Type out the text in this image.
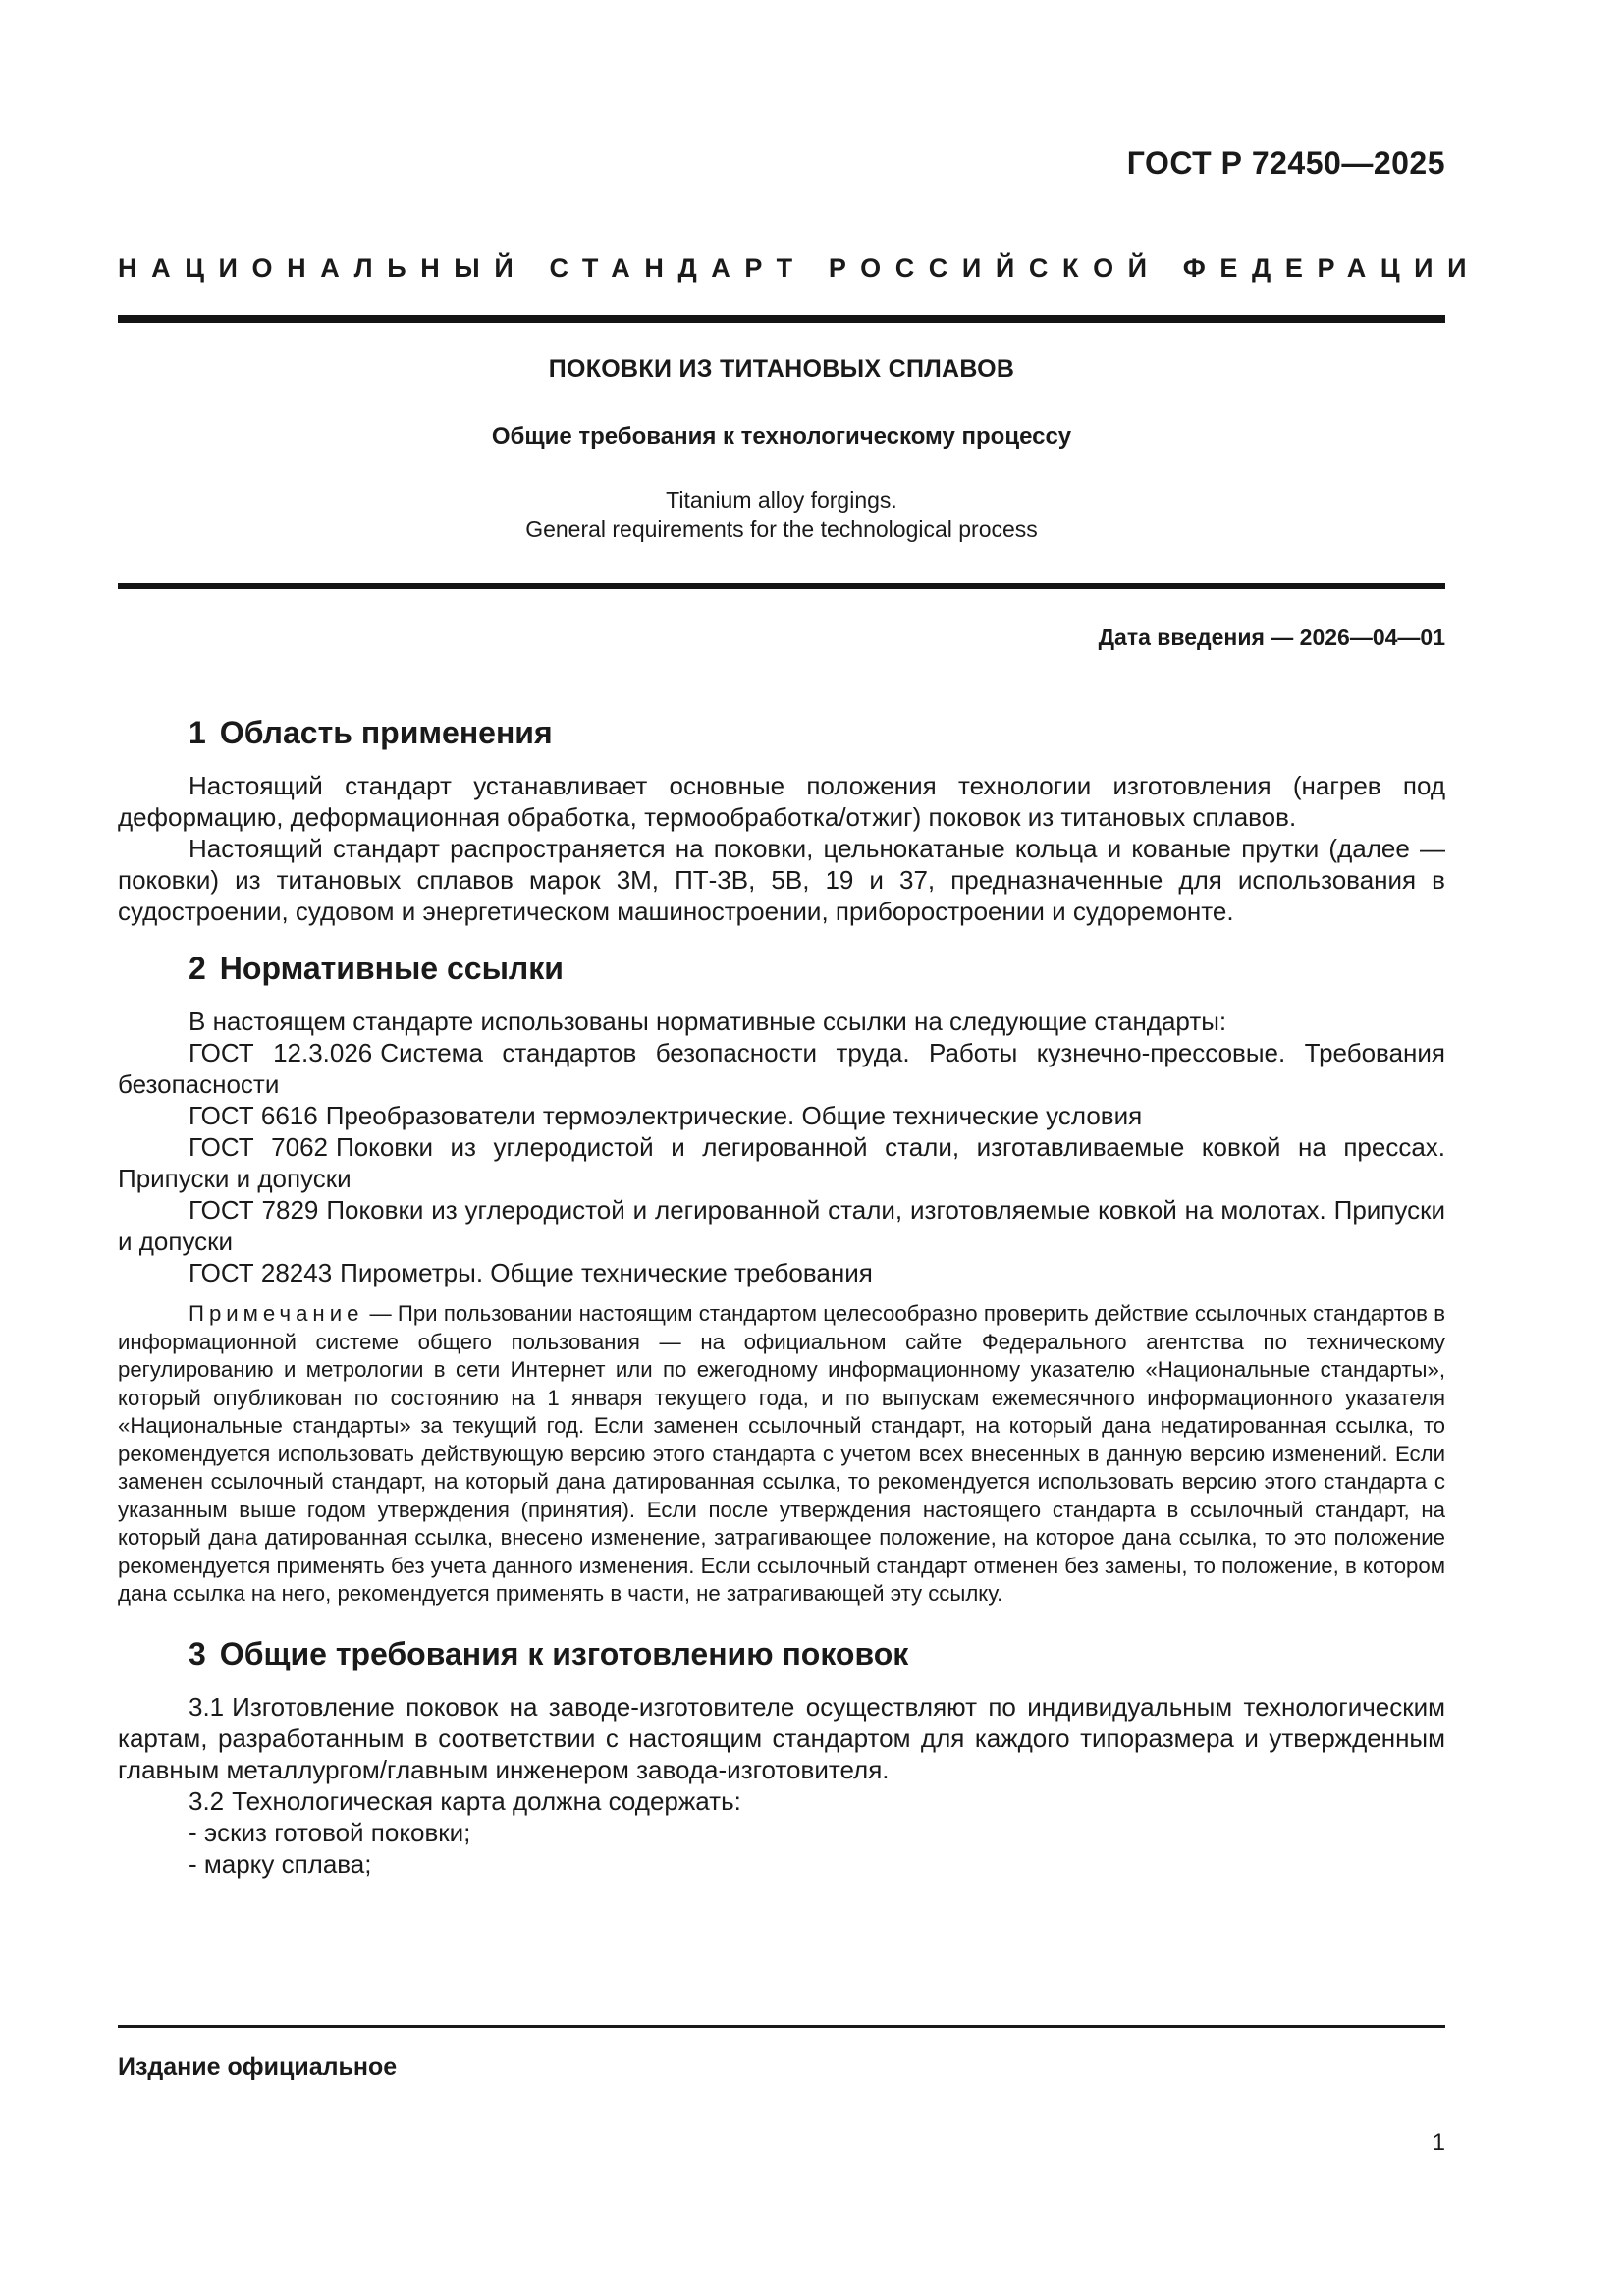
ГОСТ Р 72450—2025
НАЦИОНАЛЬНЫЙ СТАНДАРТ РОССИЙСКОЙ ФЕДЕРАЦИИ
ПОКОВКИ ИЗ ТИТАНОВЫХ СПЛАВОВ
Общие требования к технологическому процессу
Titanium alloy forgings.
General requirements for the technological process
Дата введения — 2026—04—01
1 Область применения

Настоящий стандарт устанавливает основные положения технологии изготовления (нагрев под деформацию, деформационная обработка, термообработка/отжиг) поковок из титановых сплавов.

Настоящий стандарт распространяется на поковки, цельнокатаные кольца и кованые прутки (далее — поковки) из титановых сплавов марок 3М, ПТ-3В, 5В, 19 и 37, предназначенные для использования в судостроении, судовом и энергетическом машиностроении, приборостроении и судоремонте.

2 Нормативные ссылки

В настоящем стандарте использованы нормативные ссылки на следующие стандарты:

ГОСТ 12.3.026 Система стандартов безопасности труда. Работы кузнечно-прессовые. Требования безопасности

ГОСТ 6616 Преобразователи термоэлектрические. Общие технические условия

ГОСТ 7062 Поковки из углеродистой и легированной стали, изготавливаемые ковкой на прессах. Припуски и допуски

ГОСТ 7829 Поковки из углеродистой и легированной стали, изготовляемые ковкой на молотах. Припуски и допуски

ГОСТ 28243 Пирометры. Общие технические требования

Примечание — При пользовании настоящим стандартом целесообразно проверить действие ссылочных стандартов в информационной системе общего пользования — на официальном сайте Федерального агентства по техническому регулированию и метрологии в сети Интернет или по ежегодному информационному указателю «Национальные стандарты», который опубликован по состоянию на 1 января текущего года, и по выпускам ежемесячного информационного указателя «Национальные стандарты» за текущий год. Если заменен ссылочный стандарт, на который дана недатированная ссылка, то рекомендуется использовать действующую версию этого стандарта с учетом всех внесенных в данную версию изменений. Если заменен ссылочный стандарт, на который дана датированная ссылка, то рекомендуется использовать версию этого стандарта с указанным выше годом утверждения (принятия). Если после утверждения настоящего стандарта в ссылочный стандарт, на который дана датированная ссылка, внесено изменение, затрагивающее положение, на которое дана ссылка, то это положение рекомендуется применять без учета данного изменения. Если ссылочный стандарт отменен без замены, то положение, в котором дана ссылка на него, рекомендуется применять в части, не затрагивающей эту ссылку.

3 Общие требования к изготовлению поковок

3.1 Изготовление поковок на заводе-изготовителе осуществляют по индивидуальным технологическим картам, разработанным в соответствии с настоящим стандартом для каждого типоразмера и утвержденным главным металлургом/главным инженером завода-изготовителя.

3.2 Технологическая карта должна содержать:

- эскиз готовой поковки;

- марку сплава;

Издание официальное
1
